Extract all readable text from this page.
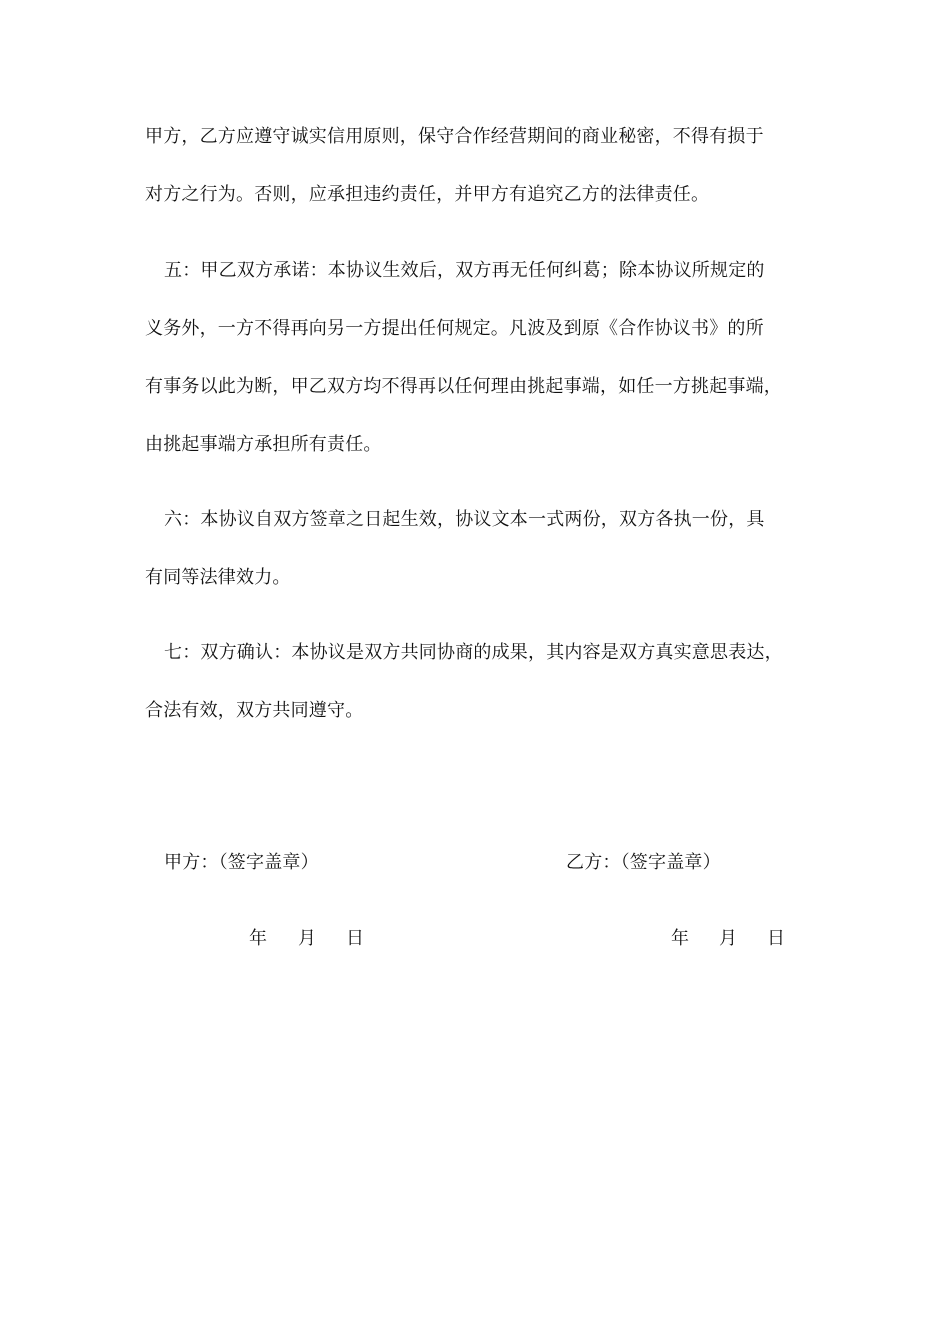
甲方，乙方应遵守诚实信用原则，保守合作经营期间的商业秘密，不得有损于
对方之行为。否则，应承担违约责任，并甲方有追究乙方的法律责任。
五：甲乙双方承诺：本协议生效后，双方再无任何纠葛；除本协议所规定的
义务外，一方不得再向另一方提出任何规定。凡波及到原《合作协议书》的所
有事务以此为断，甲乙双方均不得再以任何理由挑起事端，如任一方挑起事端，
由挑起事端方承担所有责任。
六：本协议自双方签章之日起生效，协议文本一式两份，双方各执一份，具
有同等法律效力。
七：双方确认：本协议是双方共同协商的成果，其内容是双方真实意思表达，
合法有效，双方共同遵守。
甲方：（签字盖章）
年 月 日
乙方：（签字盖章）
年 月 日
